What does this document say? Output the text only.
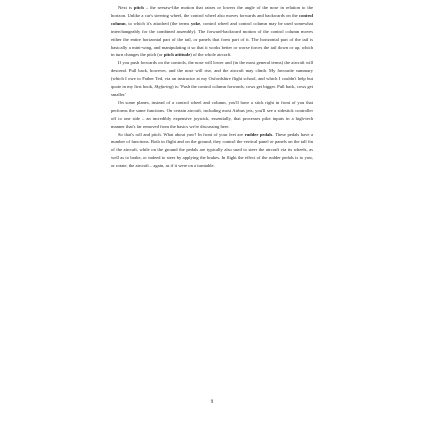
Next is pitch – the seesaw-like motion that raises or lowers the angle of the nose in relation to the horizon. Unlike a car's steering wheel, the control wheel also moves forwards and backwards on the control column, to which it's attached (the terms yoke, control wheel and control column may be used somewhat interchangeably for the combined assembly). The forward-backward motion of the control column moves either the entire horizontal part of the tail, or panels that form part of it. The horizontal part of the tail is basically a mini-wing, and manipulating it so that it works better or worse forces the tail down or up, which in turn changes the pitch (or pitch attitude) of the whole aircraft.

If you push forwards on the controls, the nose will lower and (in the most general terms) the aircraft will descend. Pull back, however, and the nose will rise, and the aircraft may climb. My favourite summary (which I owe to Father Ted, via an instructor at my Oxfordshire flight school, and which I couldn't help but quote in my first book, Skyfaring) is: 'Push the control column forwards, cows get bigger. Pull back, cows get smaller.'

On some planes, instead of a control wheel and column, you'll have a stick right in front of you that performs the same functions. On certain aircraft, including most Airbus jets, you'll see a sidestick controller off to one side – an incredibly expensive joystick, essentially, that processes pilot inputs in a high-tech manner that's far removed from the basics we're discussing here.

So that's roll and pitch. What about yaw? In front of your feet are rudder pedals. These pedals have a number of functions. Both in flight and on the ground, they control the vertical panel or panels on the tall fin of the aircraft, while on the ground the pedals are typically also used to steer the aircraft via its wheels, as well as to brake, or indeed to steer by applying the brakes. In flight the effect of the rudder pedals is to yaw, or rotate, the aircraft – again, as if it were on a turntable.

9
